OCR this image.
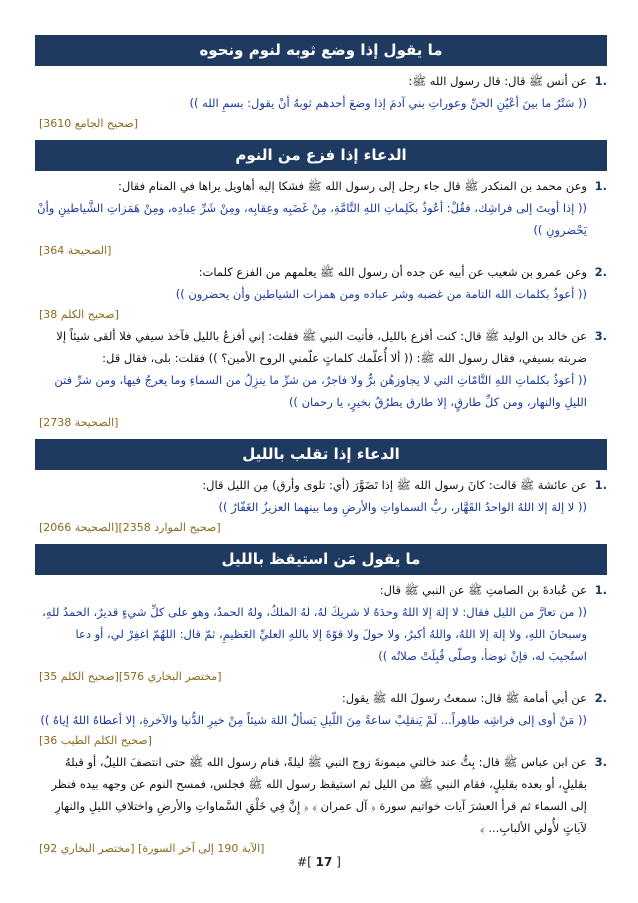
ما يقول إذا وضع ثوبه لنوم ونحوه
.1
عن أنس ﷺ قال: قال رسول الله ﷺ:
(( سَتْرُ ما بينَ أعْيُنِ الجنِّ وعوراتِ بني آدمَ إذا وضعَ أحدهم ثوبهُ أنْ يقول: بسمِ الله ))
[صحيح الجامع 3610]
الدعاء إذا فزع من النوم
.1
وعن محمد بن المنكدر ﷺ قال جاء رجل إلى رسول الله ﷺ فشكا إليه أهاويل يراها في المنام فقال:
(( إذا أويتَ إلى فراشِك، فقُلْ: أعُوذُ بكَلِماتِ اللهِ التَّامَّةِ، مِنْ غَضَبِه وعِقابِه، ومِنْ شَرِّ عِبادِه، ومِنْ هَمَزاتِ الشَّياطينِ وأنْ يَحْضرونِ ))
[الصحيحة 364]
.2
وعن عمرو بن شعيب عن أبيه عن جده أن رسول الله ﷺ يعلمهم من الفزع كلمات:
(( أعوذُ بكلمات الله التامة من غضبه وشر عباده ومن همزات الشياطين وأن يحضرون ))
[صحيح الكلم 38]
.3
عن خالد بن الوليد ﷺ قال: كنت أفزع بالليل، فأتيت النبي ﷺ فقلت: إني أفزعُ بالليل فآخذ سيفي فلا ألقى شيئاً إلا ضربته بسيفي، فقال رسول الله ﷺ: (( ألا أُعلّمك كلماتٍ علّمني الروح الأمين؟ )) فقلت: بلى، فقال قل:
(( أعوذُ بكلماتِ اللهِ التَّامّاتِ التي لا يجاوزهُن برٌّ ولا فاجرٌ، من شرِّ ما ينزِلُ من السماءِ وما يعرجُ فيها، ومن شرِّ فتن الليلِ والنهار، ومن كلِّ طارقٍ، إلا طارق يطرُقُ بخيرٍ، يا رحمان ))
[الصحيحة 2738]
الدعاء إذا تقلب بالليل
.1
عن عائشة ﷺ قالت: كانَ رسول الله ﷺ إذا تَضَوَّرَ (أي: تلوى وأرق) مِن الليل قال:
(( لا إلهَ إلا اللهُ الواحدُ القَهَّار، ربُّ السماواتِ والأرضِ وما بينهما العزيزُ الغَفّارُ ))
[صحيح الموارد 2358][الصحيحة 2066]
ما يقول مَن استيقظ بالليل
.1
عن عُبادةَ بن الصامتِ ﷺ عن النبي ﷺ قال:
(( من تعارَّ من الليل فقال: لا إلهَ إلا اللهُ وحدَهُ لا شريكَ لهُ، لهُ الملكُ، ولهُ الحمدُ، وهو على كلِّ شيءٍ قديرٌ، الحمدُ للهِ، وسبحانَ اللهِ، ولا إلهَ إلا اللهُ، واللهُ أكبرُ، ولا حولَ ولا قوّةَ إلا باللهِ العليِّ العَظيمِ، ثمّ قال: اللهُمّ اغفِرْ لي، أو دعا استُجيبَ له، فإنْ توضأ، وصلّى قُبِلَتْ صلاتُه ))
[مختصر البخاري 576][صحيح الكلم 35]
.2
عن أبي أمامة ﷺ قال: سمعتُ رسولَ الله ﷺ يقول:
(( مَنْ أوى إلى فراشِه طاهِراً... لَمْ يَنقلِبْ ساعةً مِنَ اللّيلِ يَسألُ اللهَ شيئاً مِنْ خيرِ الدُّنيا والآخرةِ، إلا أعطاهُ اللهُ إياهُ ))
[صحيح الكلم الطيب 36]
.3
عن ابن عباس ﷺ قال: بِتُّ عند خالتي ميمونةَ زوج النبي ﷺ ليلةً، فنام رسول الله ﷺ حتى انتصفَ الليلُ، أو قبلهُ بقليلٍ، أو بعده بقليلٍ، فقام النبي ﷺ من الليل ثم استيقظ رسول الله ﷺ فجلس، فمسح النوم عن وجهه بيده فنظر إلى السماء ثم قرأ العشرَ آيات خواتيم سورة ﴿ آل عمران ﴾ ﴿ إِنَّ فِي خَلْقِ السَّماواتِ والأرضِ واختلافِ الليلِ والنهارِ لآياتٍ لأُولي الألبابِ... ﴾
[الآية 190 إلى آخر السورة] [مختصر البخاري 92]
[ 17 ]#
